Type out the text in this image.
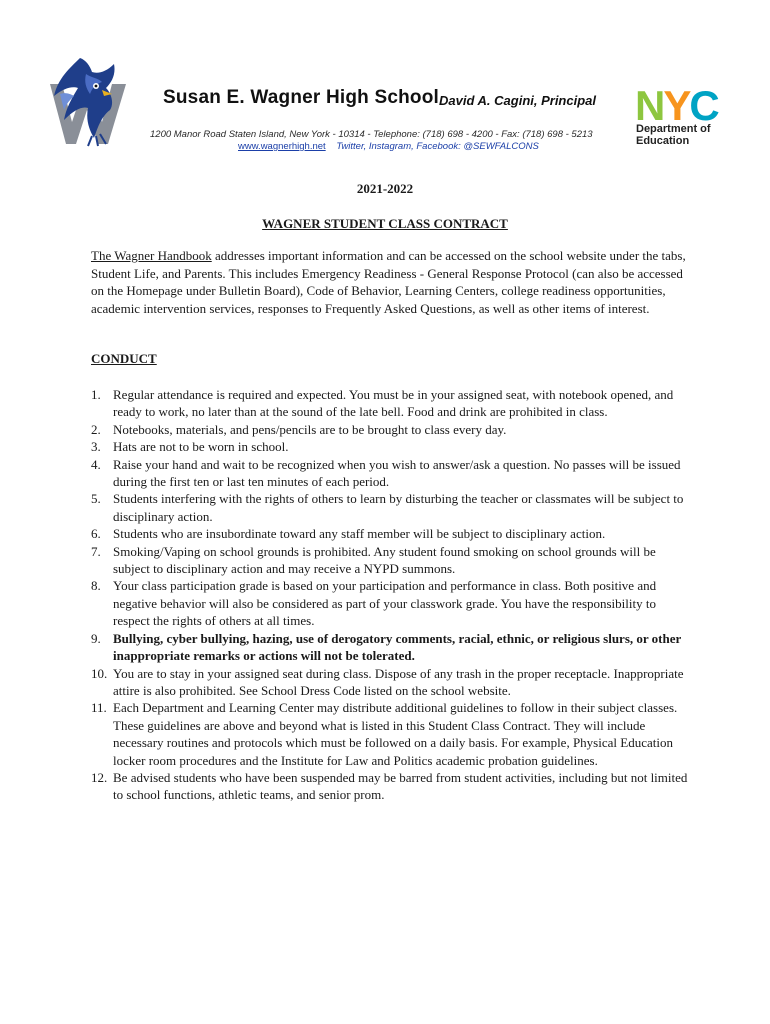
Susan E. Wagner High School David A. Cagini, Principal
1200 Manor Road Staten Island, New York - 10314 - Telephone: (718) 698 - 4200 - Fax: (718) 698 - 5213
www.wagnerhigh.net Twitter, Instagram, Facebook: @SEWFALCONS
NYC
Department of
Education
2021-2022
WAGNER STUDENT CLASS CONTRACT
The Wagner Handbook addresses important information and can be accessed on the school website under the tabs, Student Life, and Parents. This includes Emergency Readiness - General Response Protocol (can also be accessed on the Homepage under Bulletin Board), Code of Behavior, Learning Centers, college readiness opportunities, academic intervention services, responses to Frequently Asked Questions, as well as other items of interest.
CONDUCT
1. Regular attendance is required and expected. You must be in your assigned seat, with notebook opened, and ready to work, no later than at the sound of the late bell. Food and drink are prohibited in class.
2. Notebooks, materials, and pens/pencils are to be brought to class every day.
3. Hats are not to be worn in school.
4. Raise your hand and wait to be recognized when you wish to answer/ask a question. No passes will be issued during the first ten or last ten minutes of each period.
5. Students interfering with the rights of others to learn by disturbing the teacher or classmates will be subject to disciplinary action.
6. Students who are insubordinate toward any staff member will be subject to disciplinary action.
7. Smoking/Vaping on school grounds is prohibited. Any student found smoking on school grounds will be subject to disciplinary action and may receive a NYPD summons.
8. Your class participation grade is based on your participation and performance in class. Both positive and negative behavior will also be considered as part of your classwork grade. You have the responsibility to respect the rights of others at all times.
9. Bullying, cyber bullying, hazing, use of derogatory comments, racial, ethnic, or religious slurs, or other inappropriate remarks or actions will not be tolerated.
10. You are to stay in your assigned seat during class. Dispose of any trash in the proper receptacle. Inappropriate attire is also prohibited. See School Dress Code listed on the school website.
11. Each Department and Learning Center may distribute additional guidelines to follow in their subject classes. These guidelines are above and beyond what is listed in this Student Class Contract. They will include necessary routines and protocols which must be followed on a daily basis. For example, Physical Education locker room procedures and the Institute for Law and Politics academic probation guidelines.
12. Be advised students who have been suspended may be barred from student activities, including but not limited to school functions, athletic teams, and senior prom.
